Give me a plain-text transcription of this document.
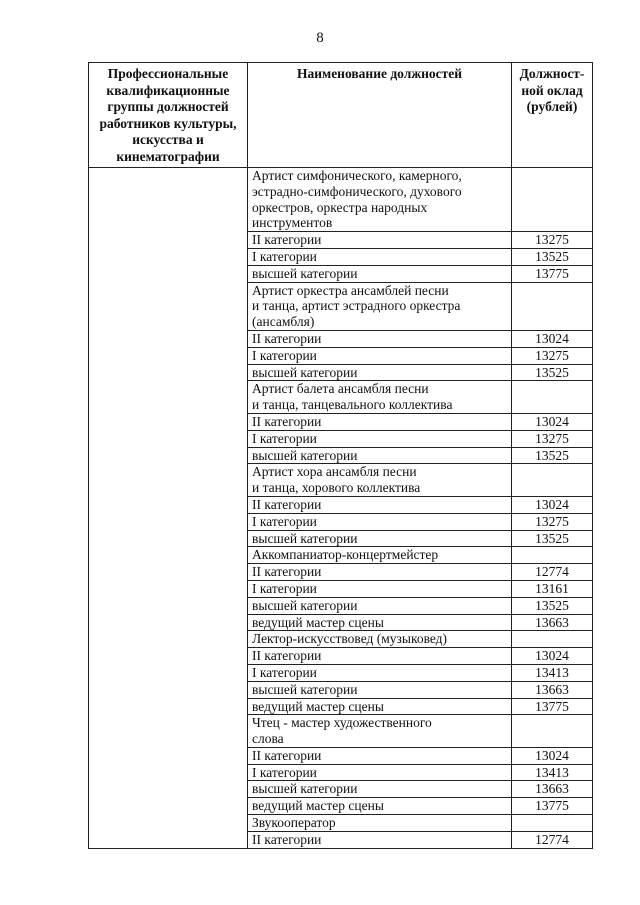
8
Профессиональные квалификационные группы должностей работников культуры, искусства и кинематографии	Наименование должностей	Должност-ной оклад (рублей)
	Артист симфонического, камерного,
эстрадно-симфонического, духового
оркестров, оркестра народных
инструментов	
	II категории	13275
	I категории	13525
	высшей категории	13775
	Артист оркестра ансамблей песни
и танца, артист эстрадного оркестра
(ансамбля)	
	II категории	13024
	I категории	13275
	высшей категории	13525
	Артист балета ансамбля песни
и танца, танцевального коллектива	
	II категории	13024
	I категории	13275
	высшей категории	13525
	Артист хора ансамбля песни
и танца, хорового коллектива	
	II категории	13024
	I категории	13275
	высшей категории	13525
	Аккомпаниатор-концертмейстер	
	II категории	12774
	I категории	13161
	высшей категории	13525
	ведущий мастер сцены	13663
	Лектор-искусствовед (музыковед)	
	II категории	13024
	I категории	13413
	высшей категории	13663
	ведущий мастер сцены	13775
	Чтец - мастер художественного
слова	
	II категории	13024
	I категории	13413
	высшей категории	13663
	ведущий мастер сцены	13775
	Звукооператор	
	II категории	12774
